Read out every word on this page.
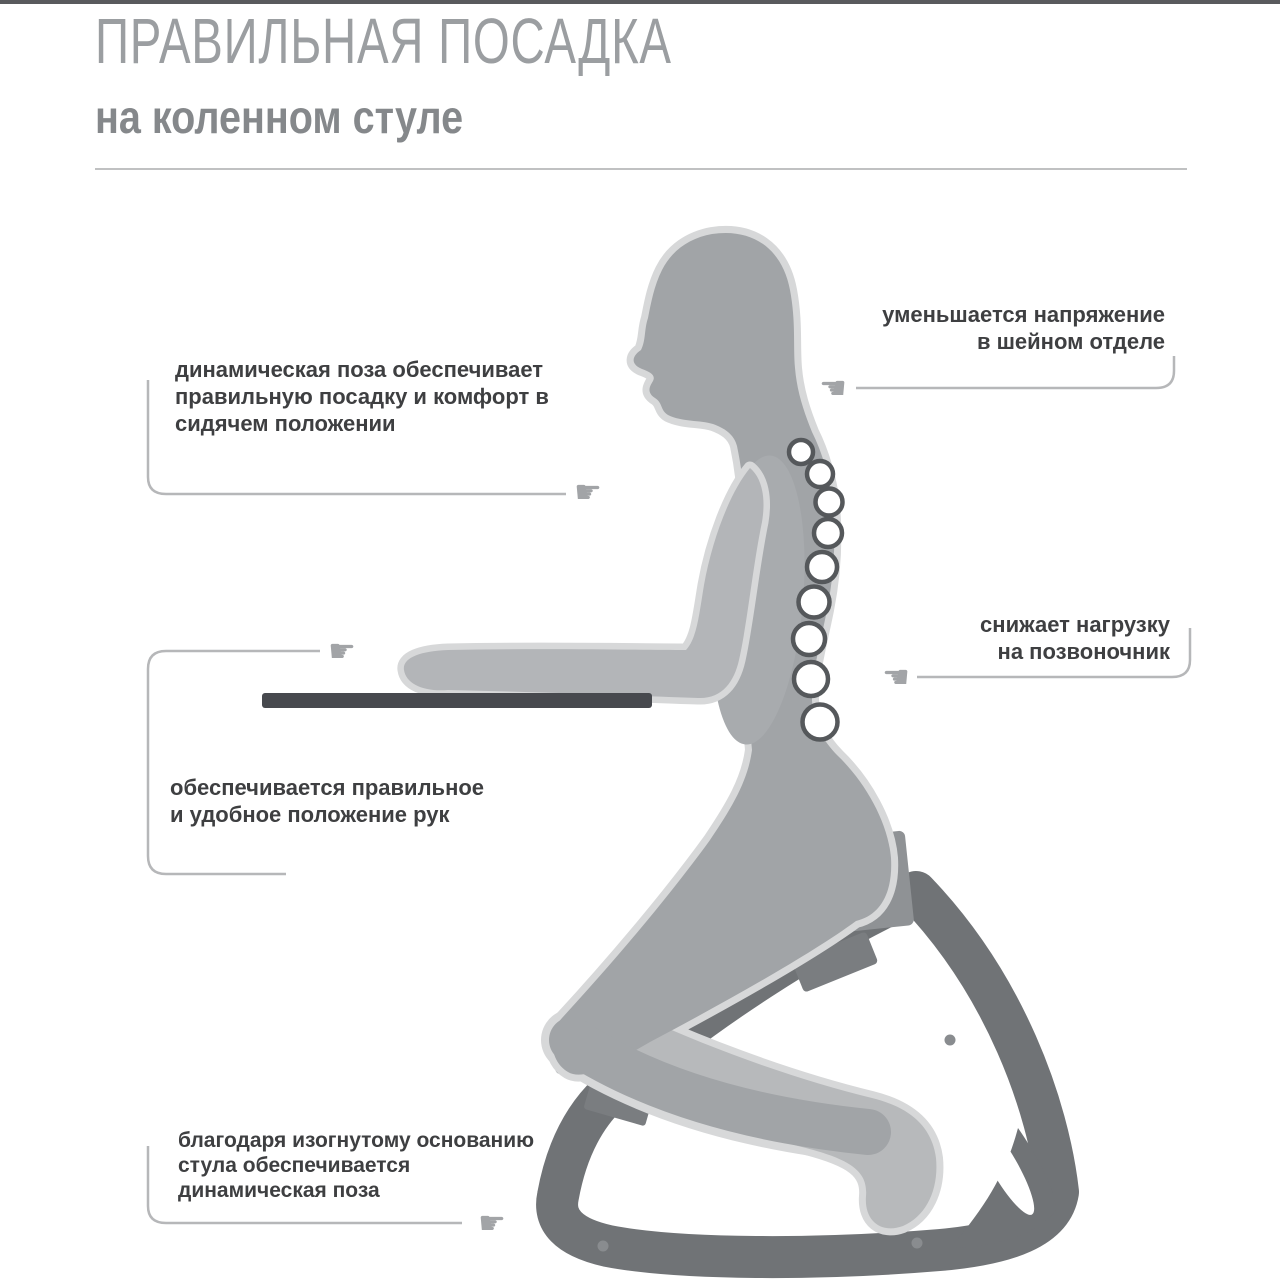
ПРАВИЛЬНАЯ ПОСАДКА
на коленном стуле
динамическая поза обеспечивает
правильную посадку и комфорт в
сидячем положении
уменьшается напряжение
в шейном отделе
снижает нагрузку
на позвоночник
обеспечивается правильное
и удобное положение рук
благодаря изогнутому основанию
стула обеспечивается
динамическая поза
☛
☚
☚
☛
☛
